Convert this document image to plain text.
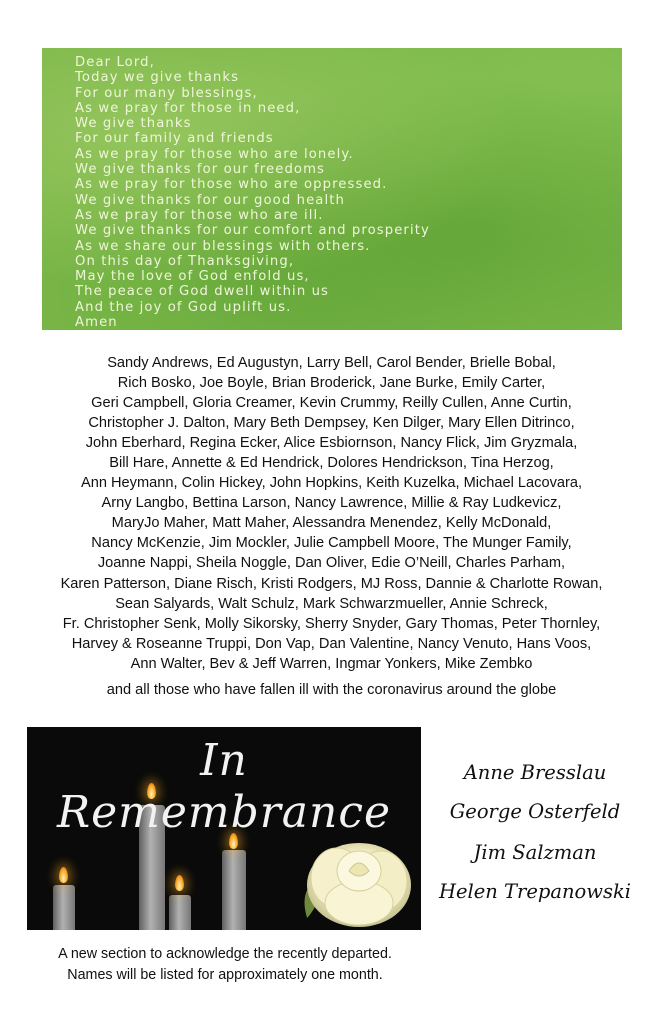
Dear Lord,
Today we give thanks
For our many blessings,
As we pray for those in need,
We give thanks
For our family and friends
As we pray for those who are lonely.
We give thanks for our freedoms
As we pray for those who are oppressed.
We give thanks for our good health
As we pray for those who are ill.
We give thanks for our comfort and prosperity
As we share our blessings with others.
On this day of Thanksgiving,
May the love of God enfold us,
The peace of God dwell within us
And the joy of God uplift us.
Amen
Sandy Andrews, Ed Augustyn, Larry Bell, Carol Bender, Brielle Bobal,
Rich Bosko, Joe Boyle, Brian Broderick, Jane Burke, Emily Carter,
Geri Campbell, Gloria Creamer, Kevin Crummy, Reilly Cullen, Anne Curtin,
Christopher J. Dalton, Mary Beth Dempsey, Ken Dilger, Mary Ellen Ditrinco,
John Eberhard, Regina Ecker, Alice Esbiornson, Nancy Flick, Jim Gryzmala,
Bill Hare, Annette & Ed Hendrick, Dolores Hendrickson, Tina Herzog,
Ann Heymann, Colin Hickey, John Hopkins, Keith Kuzelka, Michael Lacovara,
Arny Langbo, Bettina Larson, Nancy Lawrence, Millie & Ray Ludkevicz,
MaryJo Maher, Matt Maher, Alessandra Menendez, Kelly McDonald,
Nancy McKenzie, Jim Mockler, Julie Campbell Moore, The Munger Family,
Joanne Nappi, Sheila Noggle, Dan Oliver, Edie O’Neill, Charles Parham,
Karen Patterson, Diane Risch, Kristi Rodgers, MJ Ross, Dannie & Charlotte Rowan,
Sean Salyards, Walt Schulz, Mark Schwarzmueller, Annie Schreck,
Fr. Christopher Senk, Molly Sikorsky, Sherry Snyder, Gary Thomas, Peter Thornley,
Harvey & Roseanne Truppi, Don Vap, Dan Valentine, Nancy Venuto, Hans Voos,
Ann Walter, Bev & Jeff Warren, Ingmar Yonkers, Mike Zembko
and all those who have fallen ill with the coronavirus around the globe
In Remembrance
Anne Bresslau
George Osterfeld
Jim Salzman
Helen Trepanowski
A new section to acknowledge the recently departed.
Names will be listed for approximately one month.
